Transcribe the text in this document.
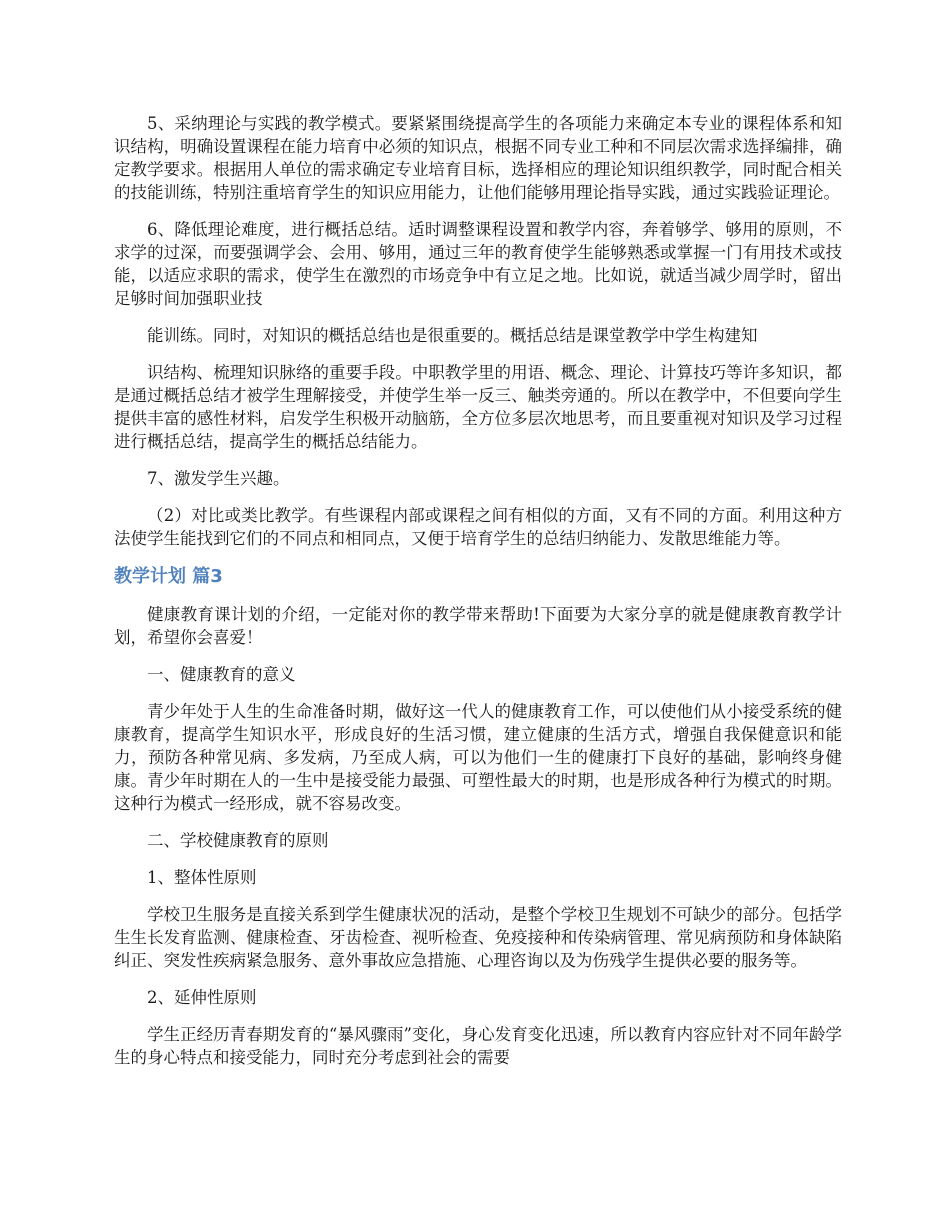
5、采纳理论与实践的教学模式。要紧紧围绕提高学生的各项能力来确定本专业的课程体系和知识结构，明确设置课程在能力培育中必须的知识点，根据不同专业工种和不同层次需求选择编排，确定教学要求。根据用人单位的需求确定专业培育目标，选择相应的理论知识组织教学，同时配合相关的技能训练，特别注重培育学生的知识应用能力，让他们能够用理论指导实践，通过实践验证理论。

6、降低理论难度，进行概括总结。适时调整课程设置和教学内容，奔着够学、够用的原则，不求学的过深，而要强调学会、会用、够用，通过三年的教育使学生能够熟悉或掌握一门有用技术或技能，以适应求职的需求，使学生在激烈的市场竞争中有立足之地。比如说，就适当减少周学时，留出足够时间加强职业技

能训练。同时，对知识的概括总结也是很重要的。概括总结是课堂教学中学生构建知

识结构、梳理知识脉络的重要手段。中职教学里的用语、概念、理论、计算技巧等许多知识，都是通过概括总结才被学生理解接受，并使学生举一反三、触类旁通的。所以在教学中，不但要向学生提供丰富的感性材料，启发学生积极开动脑筋，全方位多层次地思考，而且要重视对知识及学习过程进行概括总结，提高学生的概括总结能力。

7、激发学生兴趣。

（2）对比或类比教学。有些课程内部或课程之间有相似的方面，又有不同的方面。利用这种方法使学生能找到它们的不同点和相同点，又便于培育学生的总结归纳能力、发散思维能力等。

教学计划 篇3

健康教育课计划的介绍，一定能对你的教学带来帮助!下面要为大家分享的就是健康教育教学计划，希望你会喜爱！

一、健康教育的意义

青少年处于人生的生命准备时期，做好这一代人的健康教育工作，可以使他们从小接受系统的健康教育，提高学生知识水平，形成良好的生活习惯，建立健康的生活方式，增强自我保健意识和能力，预防各种常见病、多发病，乃至成人病，可以为他们一生的健康打下良好的基础，影响终身健康。青少年时期在人的一生中是接受能力最强、可塑性最大的时期，也是形成各种行为模式的时期。这种行为模式一经形成，就不容易改变。

二、学校健康教育的原则

1、整体性原则

学校卫生服务是直接关系到学生健康状况的活动，是整个学校卫生规划不可缺少的部分。包括学生生长发育监测、健康检查、牙齿检查、视听检查、免疫接种和传染病管理、常见病预防和身体缺陷纠正、突发性疾病紧急服务、意外事故应急措施、心理咨询以及为伤残学生提供必要的服务等。

2、延伸性原则

学生正经历青春期发育的“暴风骤雨”变化，身心发育变化迅速，所以教育内容应针对不同年龄学生的身心特点和接受能力，同时充分考虑到社会的需要
